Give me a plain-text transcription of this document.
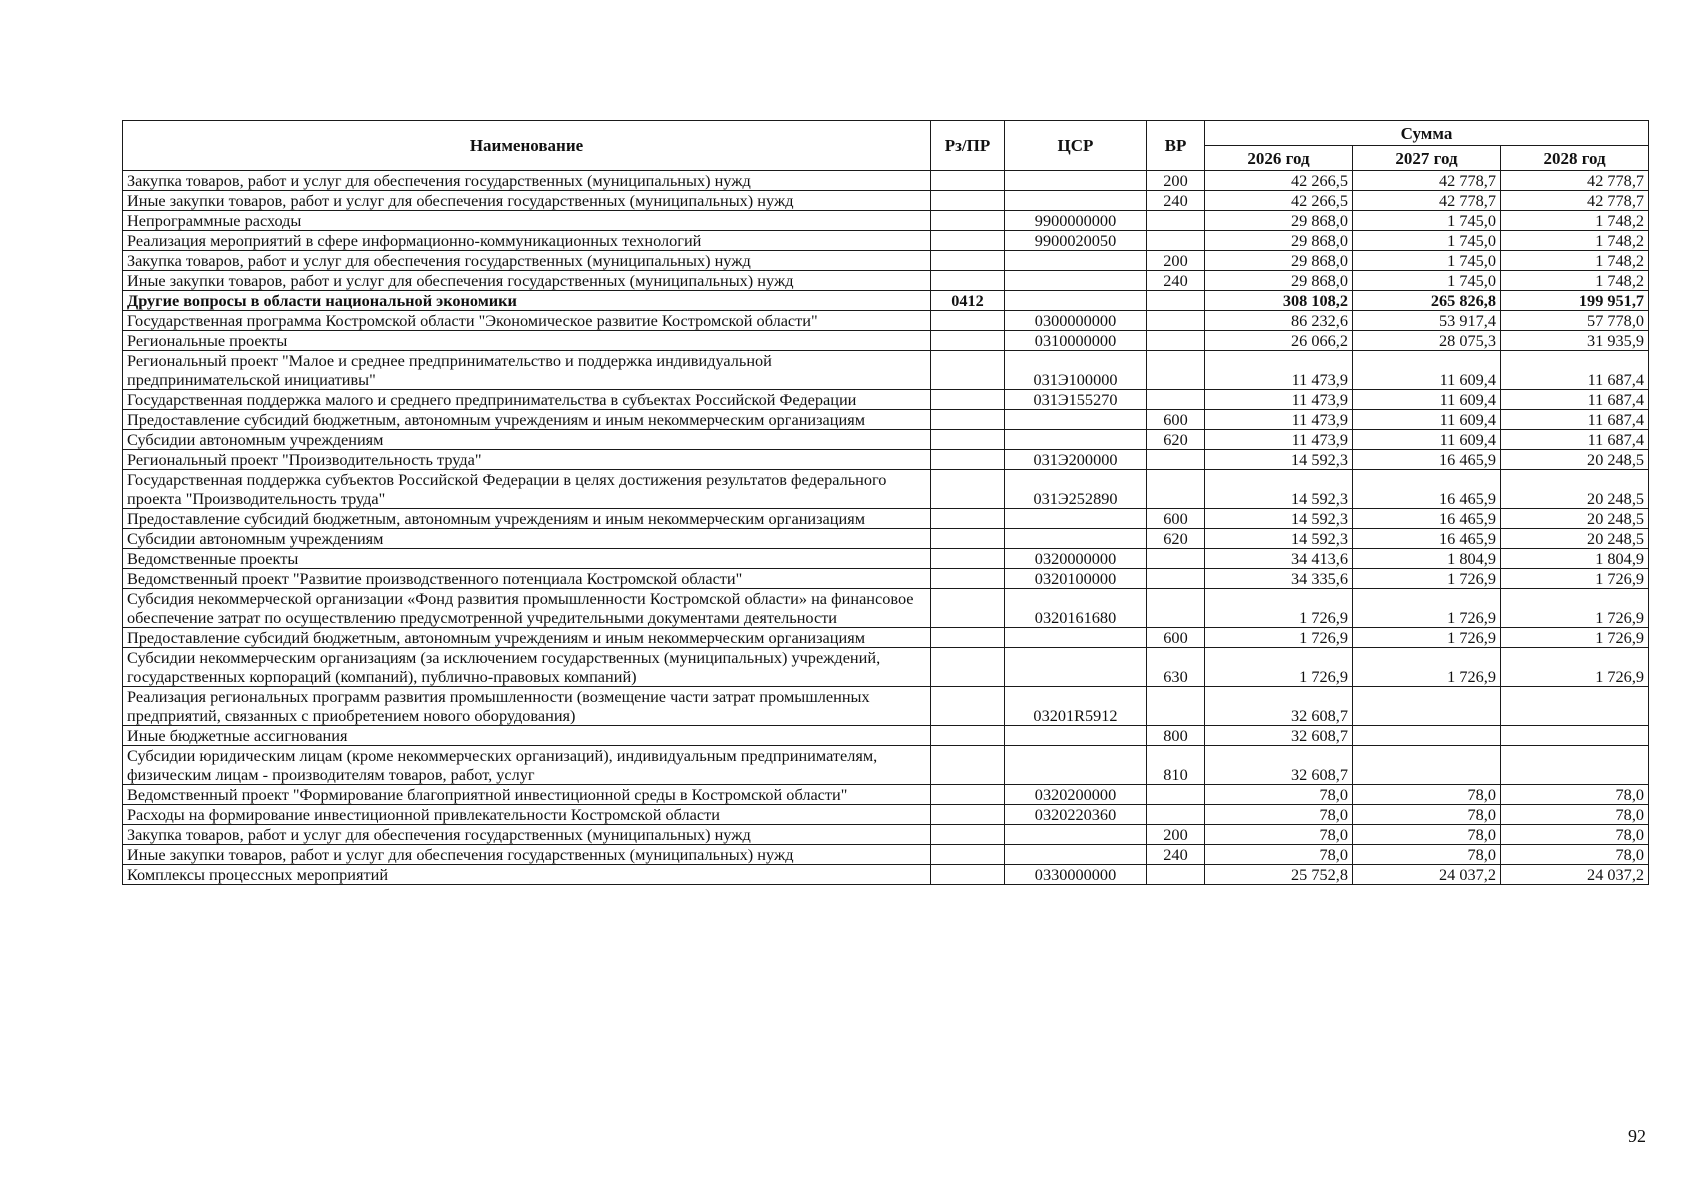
Наименование	Рз/ПР	ЦСР	ВР	Сумма		
				2026 год	2027 год	2028 год
Закупка товаров, работ и услуг для обеспечения государственных (муниципальных) нужд			200	42 266,5	42 778,7	42 778,7
Иные закупки товаров, работ и услуг для обеспечения государственных (муниципальных) нужд			240	42 266,5	42 778,7	42 778,7
Непрограммные расходы		9900000000		29 868,0	1 745,0	1 748,2
Реализация мероприятий в сфере информационно-коммуникационных технологий		9900020050		29 868,0	1 745,0	1 748,2
Закупка товаров, работ и услуг для обеспечения государственных (муниципальных) нужд			200	29 868,0	1 745,0	1 748,2
Иные закупки товаров, работ и услуг для обеспечения государственных (муниципальных) нужд			240	29 868,0	1 745,0	1 748,2
Другие вопросы в области национальной экономики	0412			308 108,2	265 826,8	199 951,7
Государственная программа Костромской области "Экономическое развитие Костромской области"		0300000000		86 232,6	53 917,4	57 778,0
Региональные проекты		0310000000		26 066,2	28 075,3	31 935,9
Региональный проект "Малое и среднее предпринимательство и поддержка индивидуальной предпринимательской инициативы"		031Э100000		11 473,9	11 609,4	11 687,4
Государственная поддержка малого и среднего предпринимательства в субъектах Российской Федерации		031Э155270		11 473,9	11 609,4	11 687,4
Предоставление субсидий бюджетным, автономным учреждениям и иным некоммерческим организациям			600	11 473,9	11 609,4	11 687,4
Субсидии автономным учреждениям			620	11 473,9	11 609,4	11 687,4
Региональный проект "Производительность труда"		031Э200000		14 592,3	16 465,9	20 248,5
Государственная поддержка субъектов Российской Федерации в целях достижения результатов федерального проекта "Производительность труда"		031Э252890		14 592,3	16 465,9	20 248,5
Предоставление субсидий бюджетным, автономным учреждениям и иным некоммерческим организациям			600	14 592,3	16 465,9	20 248,5
Субсидии автономным учреждениям			620	14 592,3	16 465,9	20 248,5
Ведомственные проекты		0320000000		34 413,6	1 804,9	1 804,9
Ведомственный проект "Развитие производственного потенциала Костромской области"		0320100000		34 335,6	1 726,9	1 726,9
Субсидия некоммерческой организации «Фонд развития промышленности Костромской области» на финансовое обеспечение затрат по осуществлению предусмотренной учредительными документами деятельности		0320161680		1 726,9	1 726,9	1 726,9
Предоставление субсидий бюджетным, автономным учреждениям и иным некоммерческим организациям			600	1 726,9	1 726,9	1 726,9
Субсидии некоммерческим организациям (за исключением государственных (муниципальных) учреждений, государственных корпораций (компаний), публично-правовых компаний)			630	1 726,9	1 726,9	1 726,9
Реализация региональных программ развития промышленности (возмещение части затрат промышленных предприятий, связанных с приобретением нового оборудования)		03201R5912		32 608,7		
Иные бюджетные ассигнования			800	32 608,7		
Субсидии юридическим лицам (кроме некоммерческих организаций), индивидуальным предпринимателям, физическим лицам - производителям товаров, работ, услуг			810	32 608,7		
Ведомственный проект "Формирование благоприятной инвестиционной среды в Костромской области"		0320200000		78,0	78,0	78,0
Расходы на формирование инвестиционной привлекательности Костромской области		0320220360		78,0	78,0	78,0
Закупка товаров, работ и услуг для обеспечения государственных (муниципальных) нужд			200	78,0	78,0	78,0
Иные закупки товаров, работ и услуг для обеспечения государственных (муниципальных) нужд			240	78,0	78,0	78,0
Комплексы процессных мероприятий		0330000000		25 752,8	24 037,2	24 037,2
92
